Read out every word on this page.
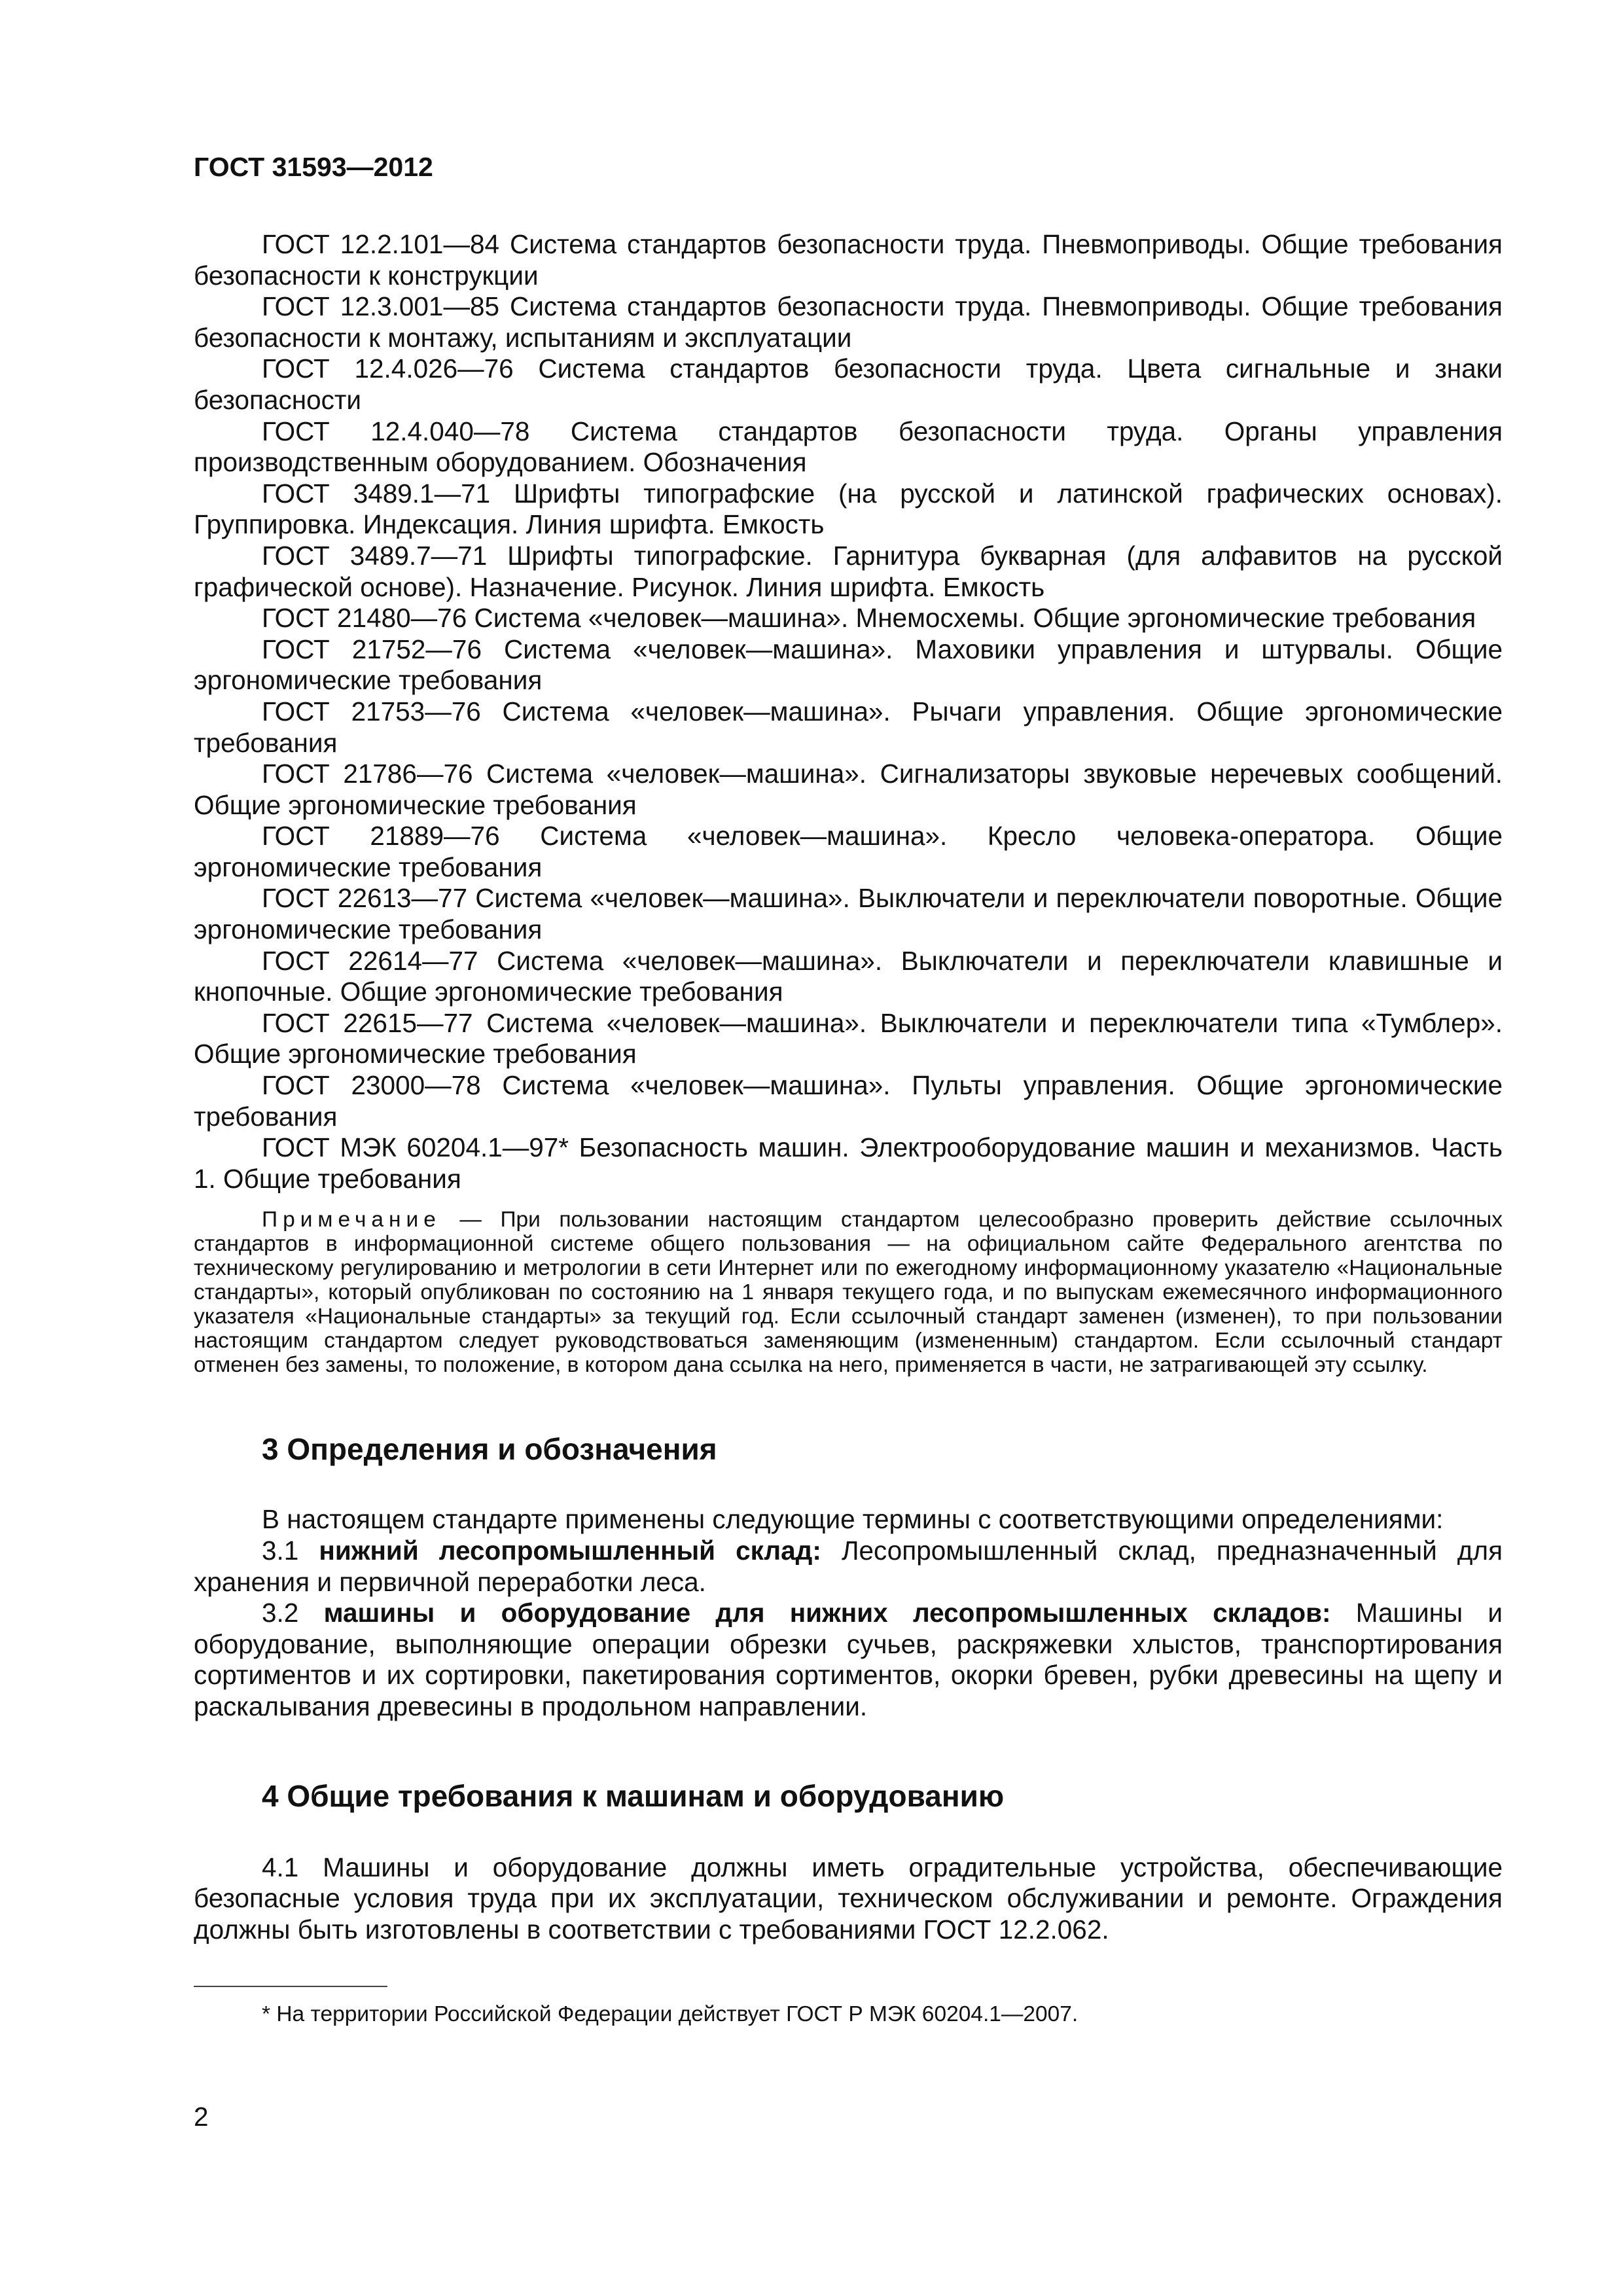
ГОСТ 31593—2012

ГОСТ 12.2.101—84 Система стандартов безопасности труда. Пневмоприводы. Общие требования безопасности к конструкции

ГОСТ 12.3.001—85 Система стандартов безопасности труда. Пневмоприводы. Общие требования безопасности к монтажу, испытаниям и эксплуатации

ГОСТ 12.4.026—76 Система стандартов безопасности труда. Цвета сигнальные и знаки безопасности

ГОСТ 12.4.040—78 Система стандартов безопасности труда. Органы управления производственным оборудованием. Обозначения

ГОСТ 3489.1—71 Шрифты типографские (на русской и латинской графических основах). Группировка. Индексация. Линия шрифта. Емкость

ГОСТ 3489.7—71 Шрифты типографские. Гарнитура букварная (для алфавитов на русской графической основе). Назначение. Рисунок. Линия шрифта. Емкость

ГОСТ 21480—76 Система «человек—машина». Мнемосхемы. Общие эргономические требования

ГОСТ 21752—76 Система «человек—машина». Маховики управления и штурвалы. Общие эргономические требования

ГОСТ 21753—76 Система «человек—машина». Рычаги управления. Общие эргономические требования

ГОСТ 21786—76 Система «человек—машина». Сигнализаторы звуковые неречевых сообщений. Общие эргономические требования

ГОСТ 21889—76 Система «человек—машина». Кресло человека-оператора. Общие эргономические требования

ГОСТ 22613—77 Система «человек—машина». Выключатели и переключатели поворотные. Общие эргономические требования

ГОСТ 22614—77 Система «человек—машина». Выключатели и переключатели клавишные и кнопочные. Общие эргономические требования

ГОСТ 22615—77 Система «человек—машина». Выключатели и переключатели типа «Тумблер». Общие эргономические требования

ГОСТ 23000—78 Система «человек—машина». Пульты управления. Общие эргономические требования

ГОСТ МЭК 60204.1—97* Безопасность машин. Электрооборудование машин и механизмов. Часть 1. Общие требования

Примечание — При пользовании настоящим стандартом целесообразно проверить действие ссылочных стандартов в информационной системе общего пользования — на официальном сайте Федерального агентства по техническому регулированию и метрологии в сети Интернет или по ежегодному информационному указателю «Национальные стандарты», который опубликован по состоянию на 1 января текущего года, и по выпускам ежемесячного информационного указателя «Национальные стандарты» за текущий год. Если ссылочный стандарт заменен (изменен), то при пользовании настоящим стандартом следует руководствоваться заменяющим (измененным) стандартом. Если ссылочный стандарт отменен без замены, то положение, в котором дана ссылка на него, применяется в части, не затрагивающей эту ссылку.
3 Определения и обозначения

В настоящем стандарте применены следующие термины с соответствующими определениями:

3.1 нижний лесопромышленный склад: Лесопромышленный склад, предназначенный для хранения и первичной переработки леса.

3.2 машины и оборудование для нижних лесопромышленных складов: Машины и оборудование, выполняющие операции обрезки сучьев, раскряжевки хлыстов, транспортирования сортиментов и их сортировки, пакетирования сортиментов, окорки бревен, рубки древесины на щепу и раскалывания древесины в продольном направлении.

4 Общие требования к машинам и оборудованию

4.1 Машины и оборудование должны иметь оградительные устройства, обеспечивающие безопасные условия труда при их эксплуатации, техническом обслуживании и ремонте. Ограждения должны быть изготовлены в соответствии с требованиями ГОСТ 12.2.062.

* На территории Российской Федерации действует ГОСТ Р МЭК 60204.1—2007.
2
